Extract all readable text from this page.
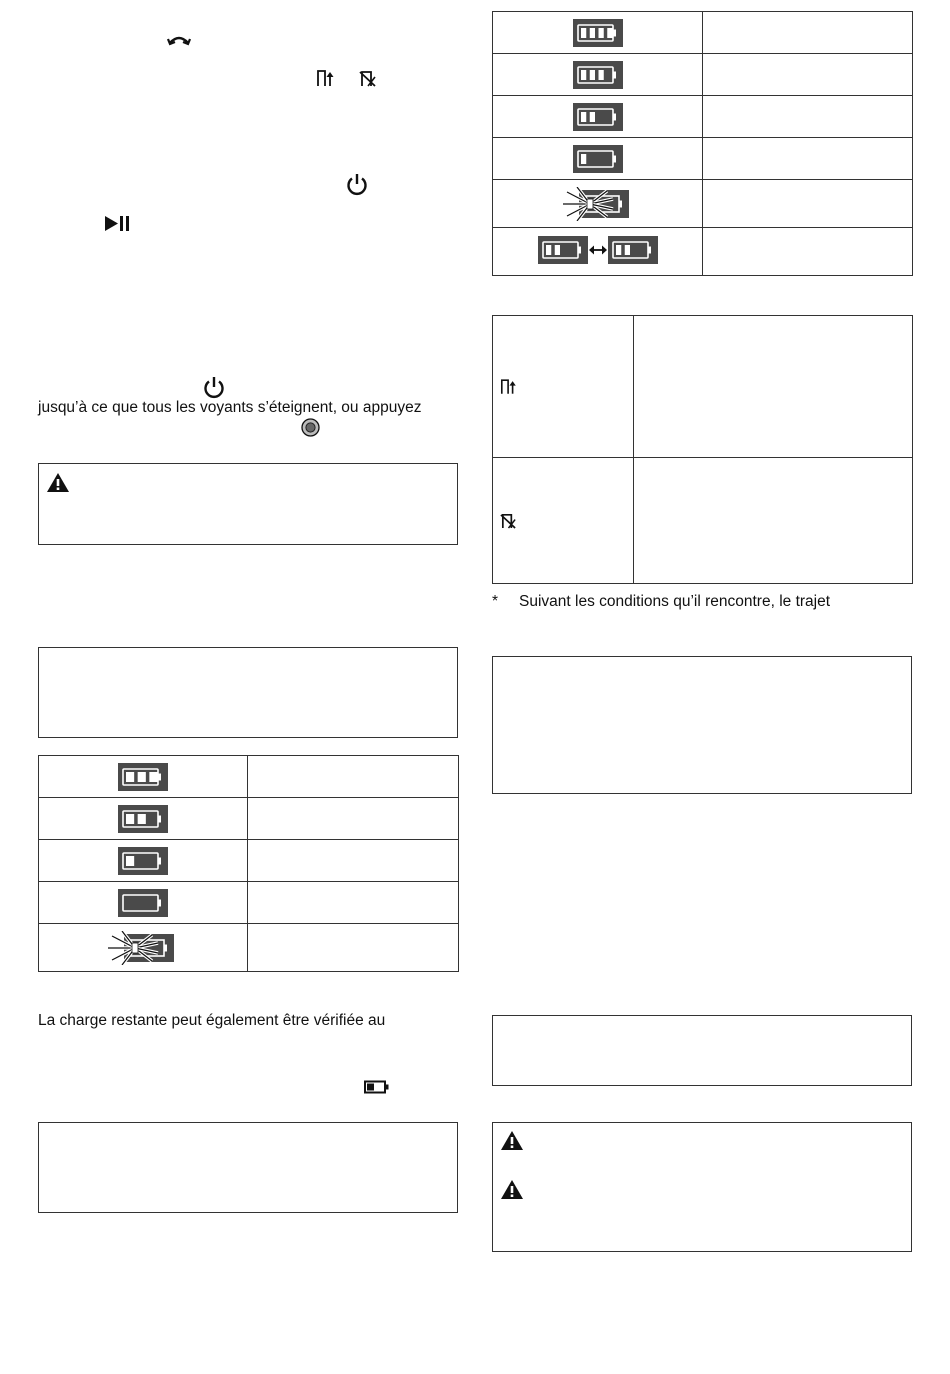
jusqu’à ce que tous les voyants s’éteignent, ou appuyez

La charge restante peut également être vérifiée au

* Suivant les conditions qu’il rencontre, le trajet
